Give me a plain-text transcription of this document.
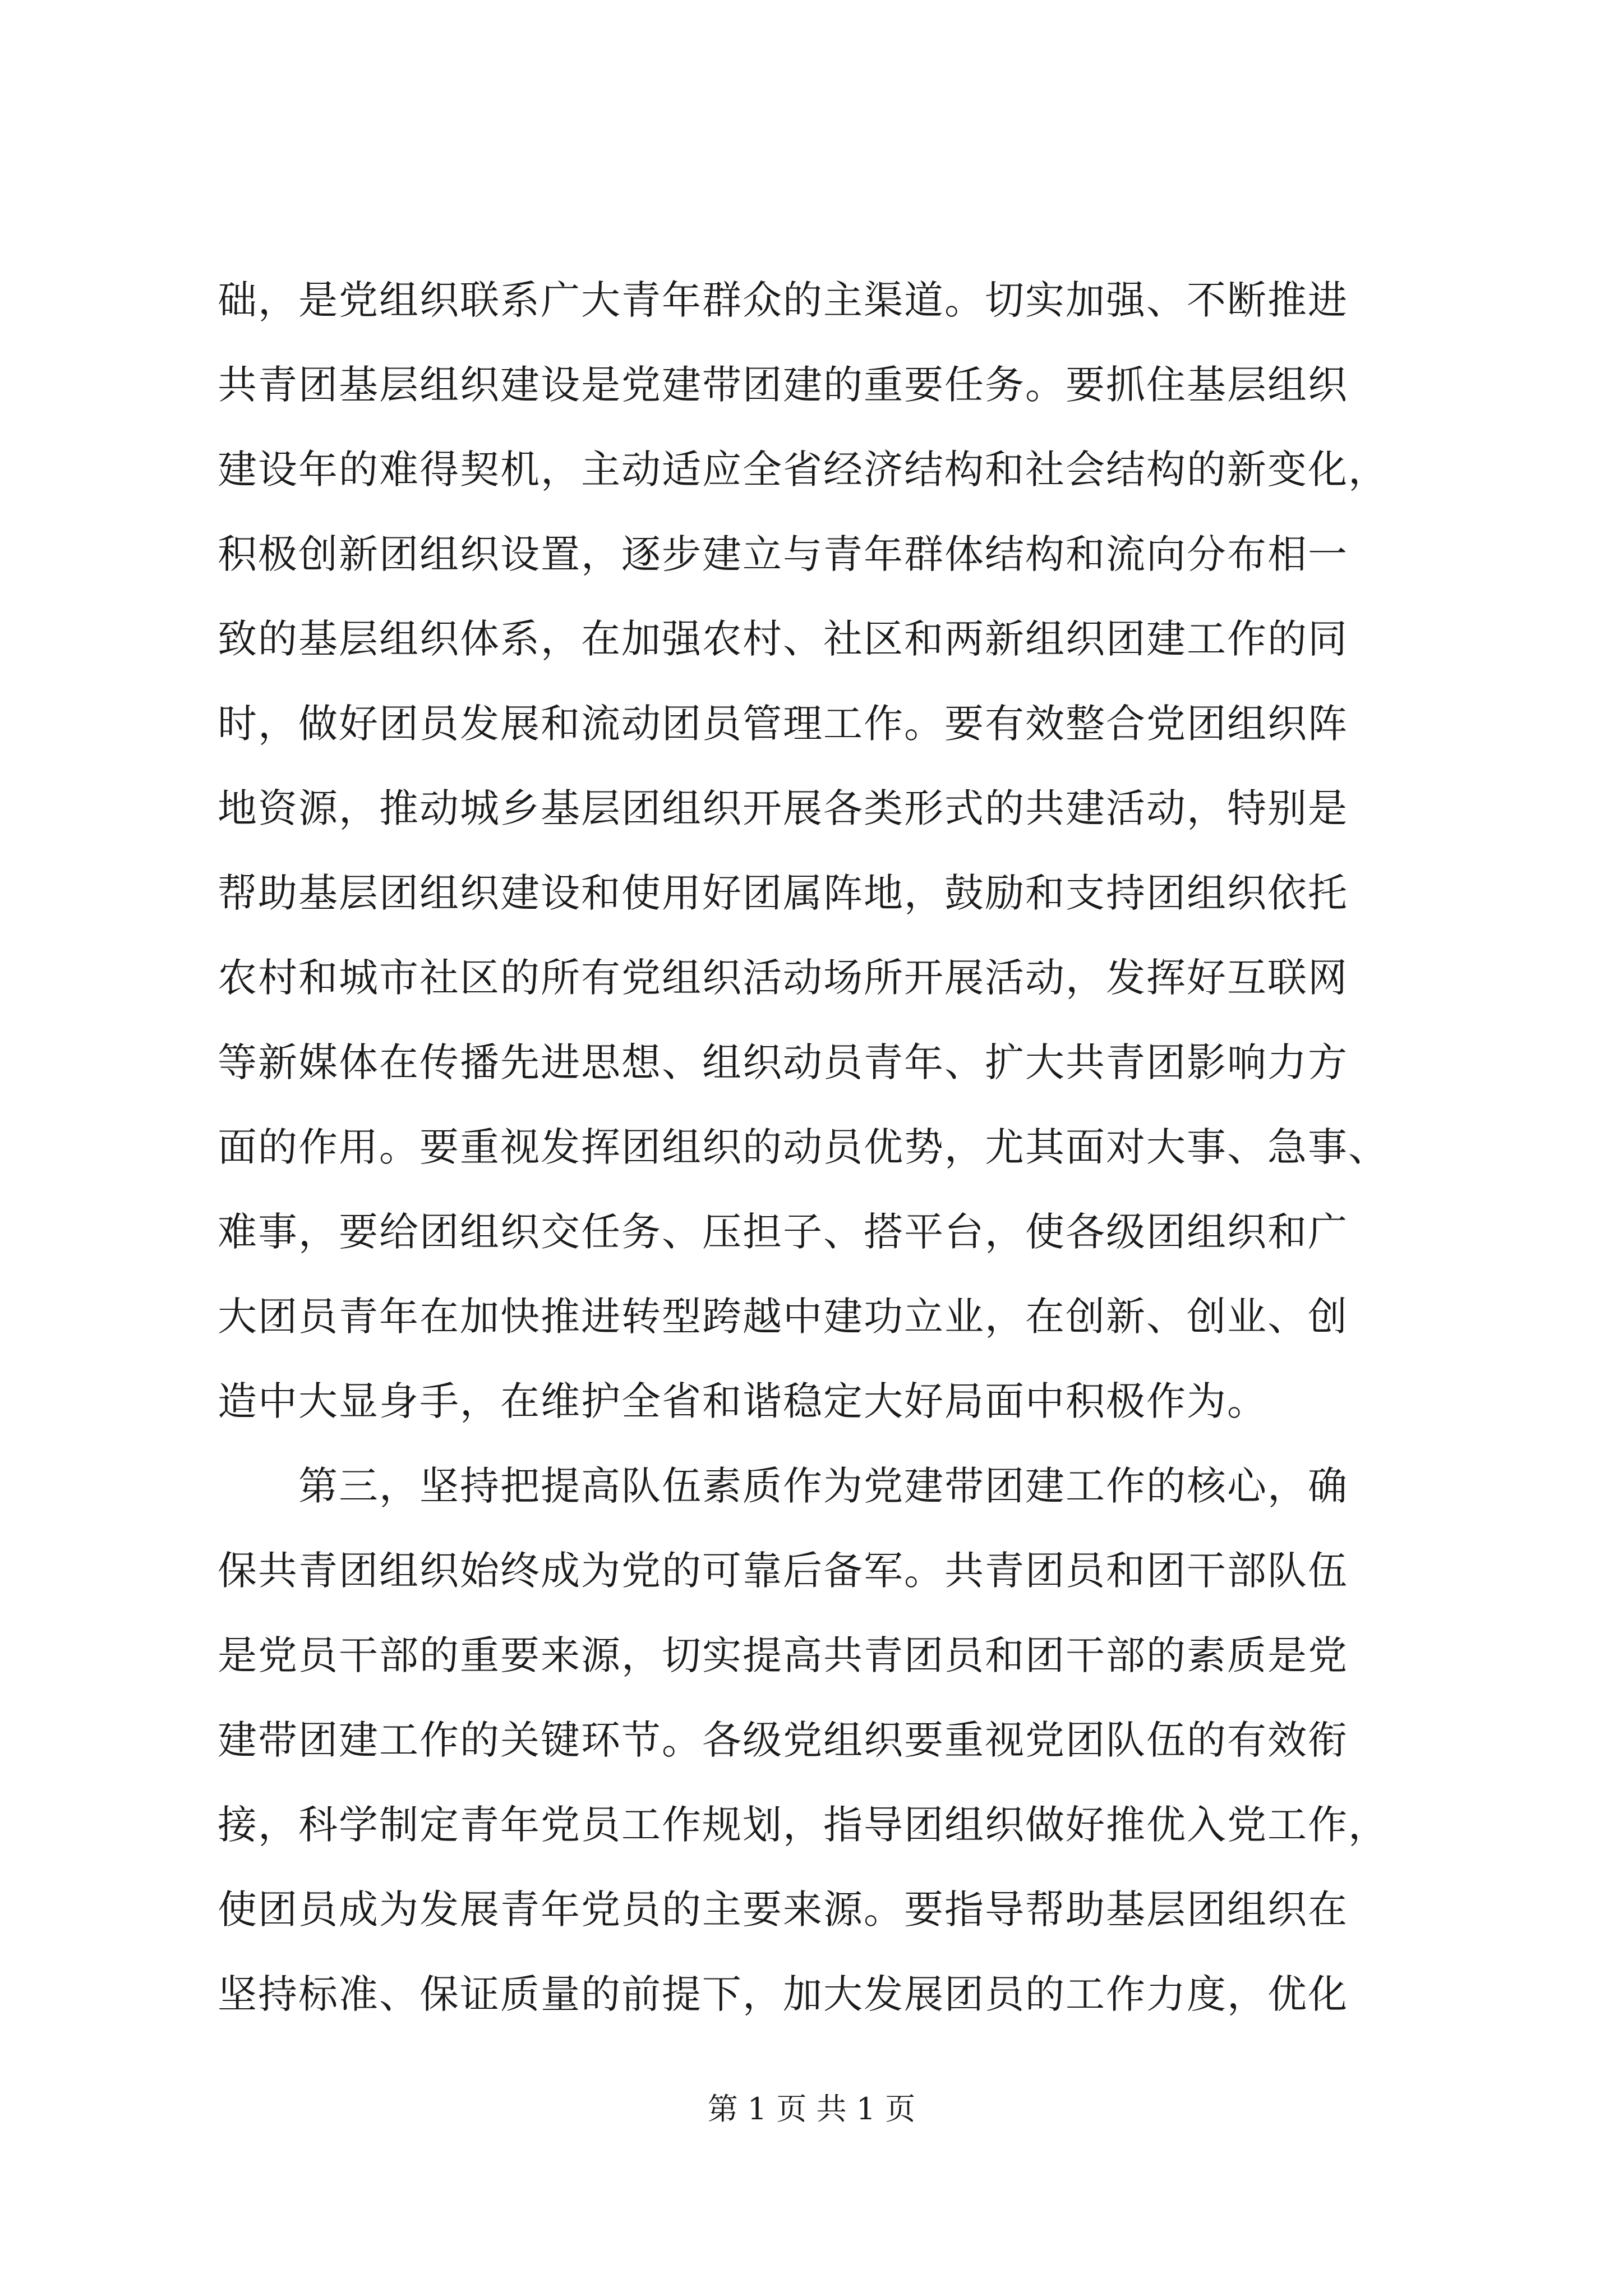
础，是党组织联系广大青年群众的主渠道。切实加强、不断推进
共青团基层组织建设是党建带团建的重要任务。要抓住基层组织
建设年的难得契机，主动适应全省经济结构和社会结构的新变化，
积极创新团组织设置，逐步建立与青年群体结构和流向分布相一
致的基层组织体系，在加强农村、社区和两新组织团建工作的同
时，做好团员发展和流动团员管理工作。要有效整合党团组织阵
地资源，推动城乡基层团组织开展各类形式的共建活动，特别是
帮助基层团组织建设和使用好团属阵地，鼓励和支持团组织依托
农村和城市社区的所有党组织活动场所开展活动，发挥好互联网
等新媒体在传播先进思想、组织动员青年、扩大共青团影响力方
面的作用。要重视发挥团组织的动员优势，尤其面对大事、急事、
难事，要给团组织交任务、压担子、搭平台，使各级团组织和广
大团员青年在加快推进转型跨越中建功立业，在创新、创业、创
造中大显身手，在维护全省和谐稳定大好局面中积极作为。
　　第三，坚持把提高队伍素质作为党建带团建工作的核心，确
保共青团组织始终成为党的可靠后备军。共青团员和团干部队伍
是党员干部的重要来源，切实提高共青团员和团干部的素质是党
建带团建工作的关键环节。各级党组织要重视党团队伍的有效衔
接，科学制定青年党员工作规划，指导团组织做好推优入党工作，
使团员成为发展青年党员的主要来源。要指导帮助基层团组织在
坚持标准、保证质量的前提下，加大发展团员的工作力度，优化
第 1 页 共 1 页
